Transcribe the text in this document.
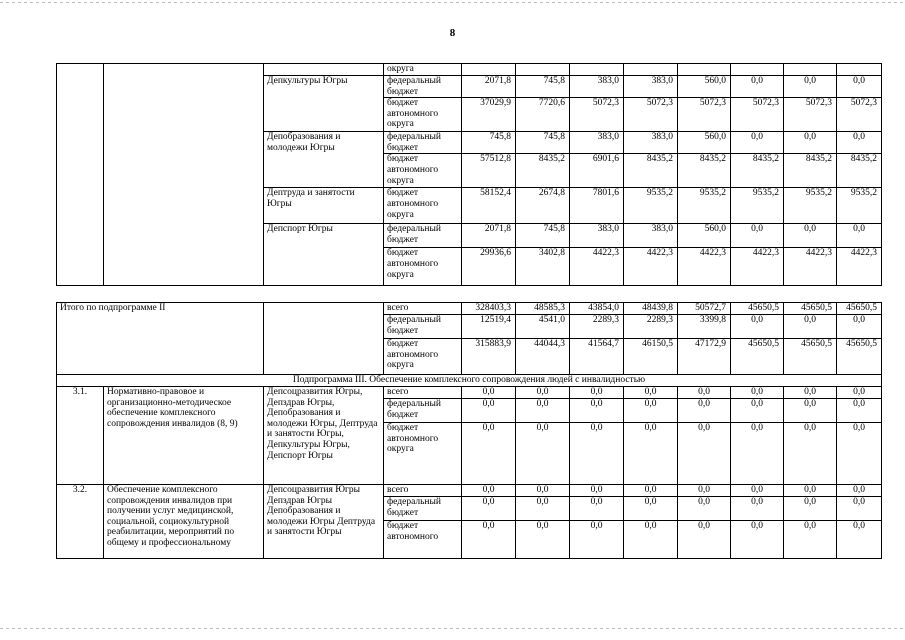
8
			округа								
		Депкультуры Югры	федеральный бюджет	2071,8	745,8	383,0	383,0	560,0	0,0	0,0	0,0
			бюджет автономного округа	37029,9	7720,6	5072,3	5072,3	5072,3	5072,3	5072,3	5072,3
		Депобразования и молодежи Югры	федеральный бюджет	745,8	745,8	383,0	383,0	560,0	0,0	0,0	0,0
			бюджет автономного округа	57512,8	8435,2	6901,6	8435,2	8435,2	8435,2	8435,2	8435,2
		Дептруда и занятости Югры	бюджет автономного округа	58152,4	2674,8	7801,6	9535,2	9535,2	9535,2	9535,2	9535,2
		Депспорт Югры	федеральный бюджет	2071,8	745,8	383,0	383,0	560,0	0,0	0,0	0,0
			бюджет автономного округа	29936,6	3402,8	4422,3	4422,3	4422,3	4422,3	4422,3	4422,3
Итого по подпрограмме II			всего	328403,3	48585,3	43854,0	48439,8	50572,7	45650,5	45650,5	45650,5
			федеральный бюджет	12519,4	4541,0	2289,3	2289,3	3399,8	0,0	0,0	0,0
			бюджет автономного округа	315883,9	44044,3	41564,7	46150,5	47172,9	45650,5	45650,5	45650,5
Подпрограмма III. Обеспечение комплексного сопровождения людей с инвалидностью											
3.1.	Нормативно-правовое и организационно-методическое обеспечение комплексного сопровождения инвалидов (8, 9)	Депсоцразвития Югры, Депздрав Югры, Депобразования и молодежи Югры, Дептруда и занятости Югры, Депкультуры Югры, Депспорт Югры	всего	0,0	0,0	0,0	0,0	0,0	0,0	0,0	0,0
			федеральный бюджет	0,0	0,0	0,0	0,0	0,0	0,0	0,0	0,0
			бюджет автономного округа	0,0	0,0	0,0	0,0	0,0	0,0	0,0	0,0
3.2.	Обеспечение комплексного сопровождения инвалидов при получении услуг медицинской, социальной, социокультурной реабилитации, мероприятий по общему и профессиональному	Депсоцразвития Югры Депздрав Югры Депобразования и молодежи Югры Дептруда и занятости Югры	всего	0,0	0,0	0,0	0,0	0,0	0,0	0,0	0,0
			федеральный бюджет	0,0	0,0	0,0	0,0	0,0	0,0	0,0	0,0
			бюджет автономного	0,0	0,0	0,0	0,0	0,0	0,0	0,0	0,0
